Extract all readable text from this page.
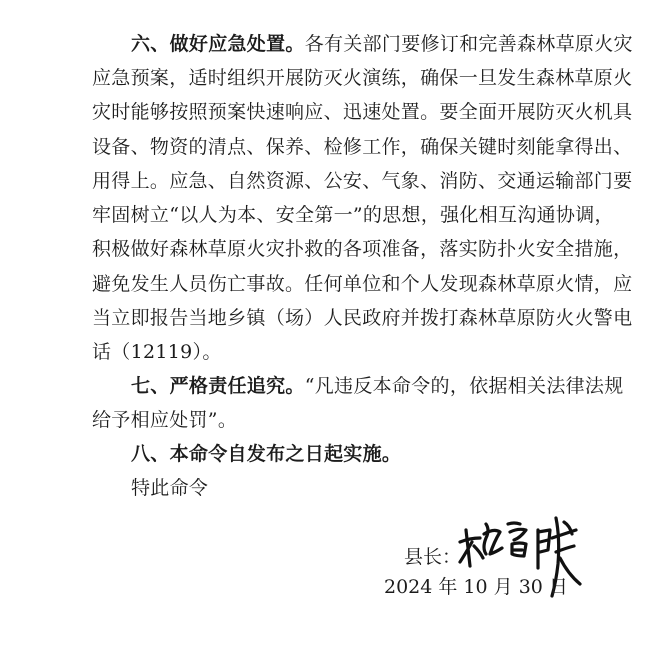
六、做好应急处置。各有关部门要修订和完善森林草原火灾
应急预案，适时组织开展防灭火演练，确保一旦发生森林草原火
灾时能够按照预案快速响应、迅速处置。要全面开展防灭火机具
设备、物资的清点、保养、检修工作，确保关键时刻能拿得出、
用得上。应急、自然资源、公安、气象、消防、交通运输部门要
牢固树立“以人为本、安全第一”的思想，强化相互沟通协调，
积极做好森林草原火灾扑救的各项准备，落实防扑火安全措施，
避免发生人员伤亡事故。任何单位和个人发现森林草原火情，应
当立即报告当地乡镇（场）人民政府并拨打森林草原防火火警电
话（12119）。
七、严格责任追究。“凡违反本命令的，依据相关法律法规
给予相应处罚”。
八、本命令自发布之日起实施。
特此命令
县长：
2024 年 10 月 30 日
